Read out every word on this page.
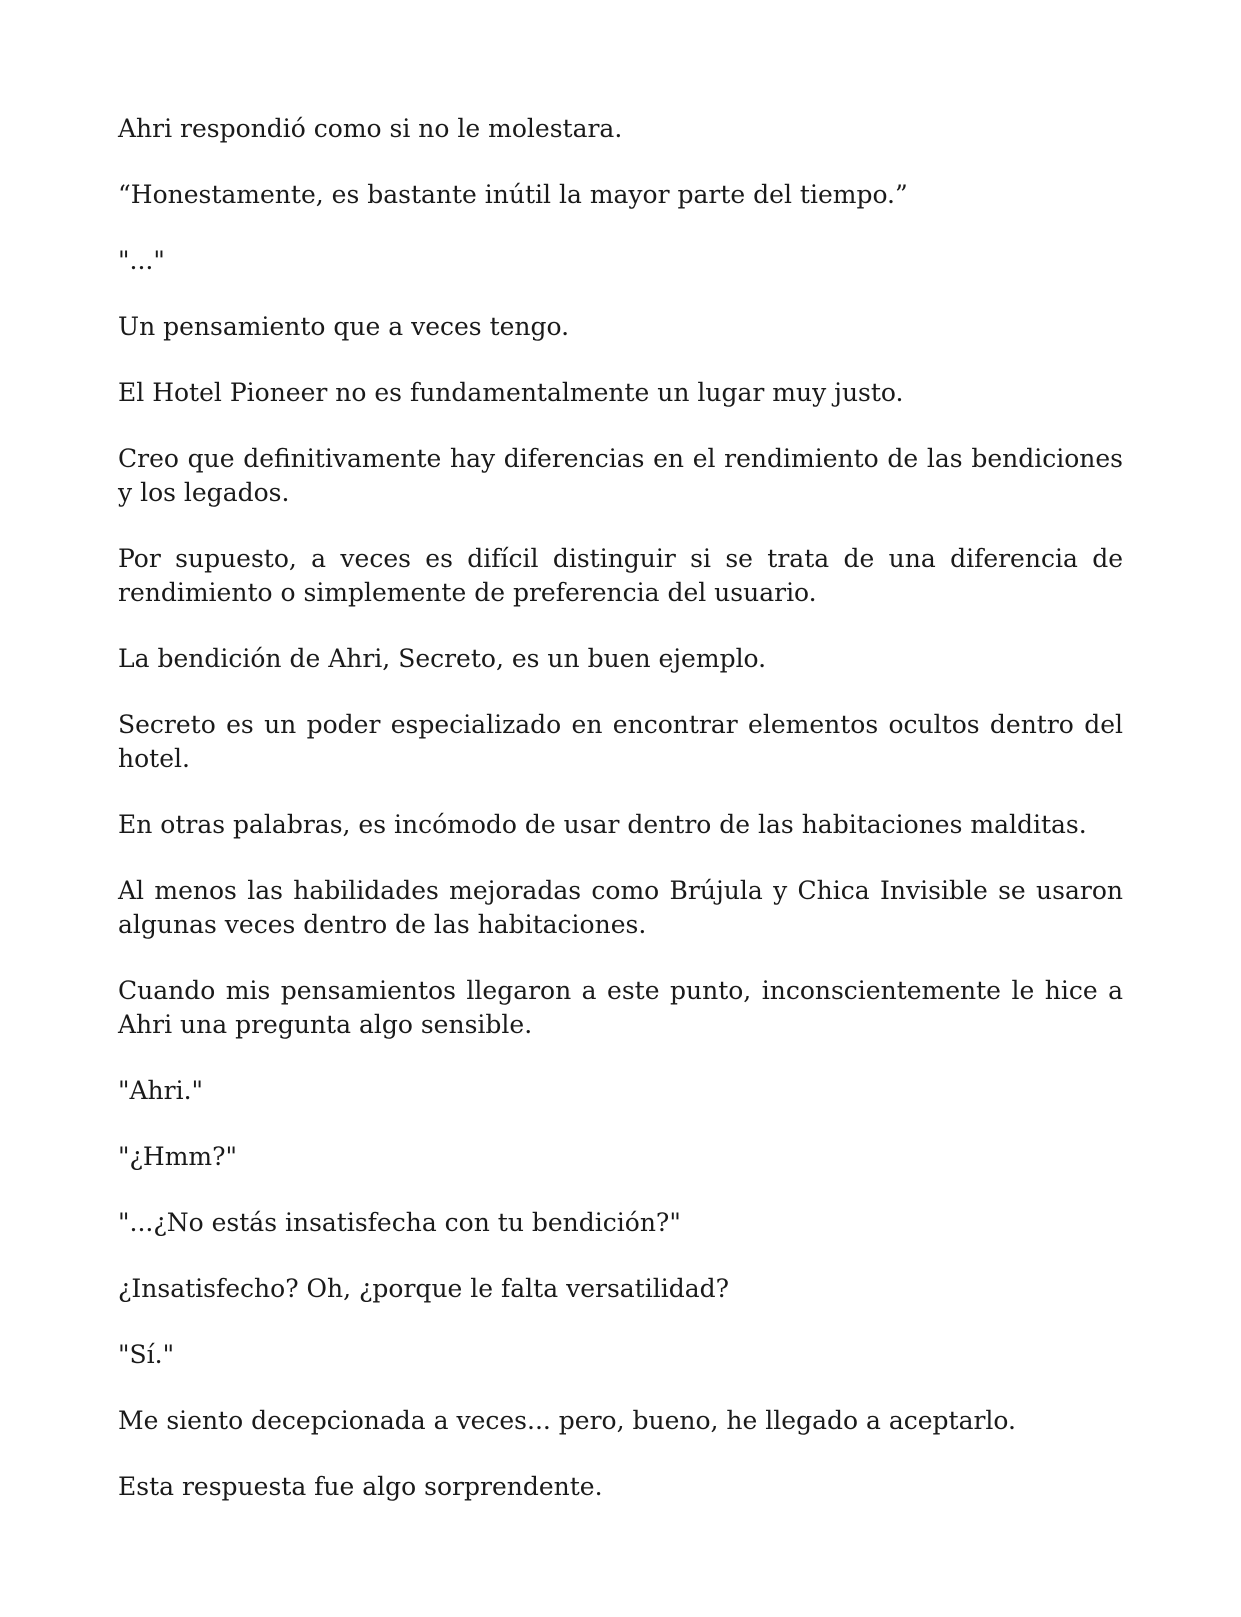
Ahri respondió como si no le molestara.

“Honestamente, es bastante inútil la mayor parte del tiempo.”

"..."

Un pensamiento que a veces tengo.

El Hotel Pioneer no es fundamentalmente un lugar muy justo.

Creo que definitivamente hay diferencias en el rendimiento de las bendiciones y los legados.

Por supuesto, a veces es difícil distinguir si se trata de una diferencia de rendimiento o simplemente de preferencia del usuario.

La bendición de Ahri, Secreto, es un buen ejemplo.

Secreto es un poder especializado en encontrar elementos ocultos dentro del hotel.

En otras palabras, es incómodo de usar dentro de las habitaciones malditas.

Al menos las habilidades mejoradas como Brújula y Chica Invisible se usaron algunas veces dentro de las habitaciones.

Cuando mis pensamientos llegaron a este punto, inconscientemente le hice a Ahri una pregunta algo sensible.

"Ahri."

"¿Hmm?"

"...¿No estás insatisfecha con tu bendición?"

¿Insatisfecho? Oh, ¿porque le falta versatilidad?

"Sí."

Me siento decepcionada a veces... pero, bueno, he llegado a aceptarlo.

Esta respuesta fue algo sorprendente.
